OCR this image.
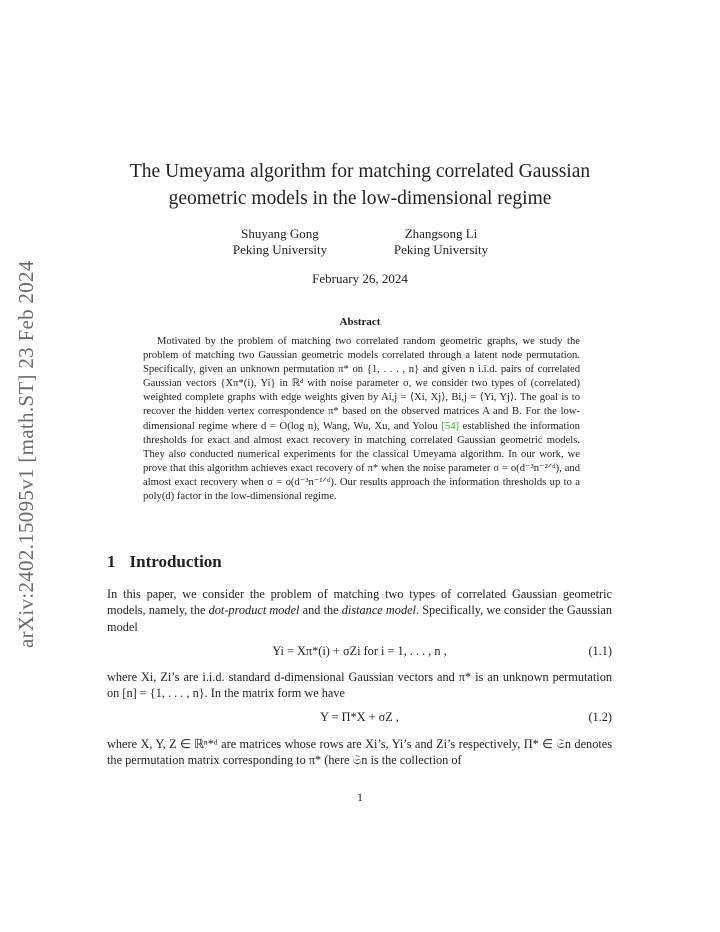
arXiv:2402.15095v1 [math.ST] 23 Feb 2024
The Umeyama algorithm for matching correlated Gaussian
geometric models in the low-dimensional regime
Shuyang Gong
Peking University
Zhangsong Li
Peking University
February 26, 2024
Abstract

Motivated by the problem of matching two correlated random geometric graphs, we study the problem of matching two Gaussian geometric models correlated through a latent node permutation. Specifically, given an unknown permutation π* on {1, . . . , n} and given n i.i.d. pairs of correlated Gaussian vectors {Xπ*(i), Yi} in ℝᵈ with noise parameter σ, we consider two types of (correlated) weighted complete graphs with edge weights given by Ai,j = ⟨Xi, Xj⟩, Bi,j = ⟨Yi, Yj⟩. The goal is to recover the hidden vertex correspondence π* based on the observed matrices A and B. For the low-dimensional regime where d = O(log n), Wang, Wu, Xu, and Yolou [54] established the information thresholds for exact and almost exact recovery in matching correlated Gaussian geometric models. They also conducted numerical experiments for the classical Umeyama algorithm. In our work, we prove that this algorithm achieves exact recovery of π* when the noise parameter σ = o(d⁻³n⁻²ᐟᵈ), and almost exact recovery when σ = o(d⁻³n⁻¹ᐟᵈ). Our results approach the information thresholds up to a poly(d) factor in the low-dimensional regime.

1 Introduction

In this paper, we consider the problem of matching two types of correlated Gaussian geometric models, namely, the dot-product model and the distance model. Specifically, we consider the Gaussian model

Yi = Xπ*(i) + σZi for i = 1, . . . , n ,	(1.1)

where Xi, Zi’s are i.i.d. standard d-dimensional Gaussian vectors and π* is an unknown permutation on [n] = {1, . . . , n}. In the matrix form we have

Y = Π*X + σZ ,	(1.2)

where X, Y, Z ∈ ℝⁿ*ᵈ are matrices whose rows are Xi’s, Yi’s and Zi’s respectively, Π* ∈ 𝔖n denotes the permutation matrix corresponding to π* (here 𝔖n is the collection of

1
